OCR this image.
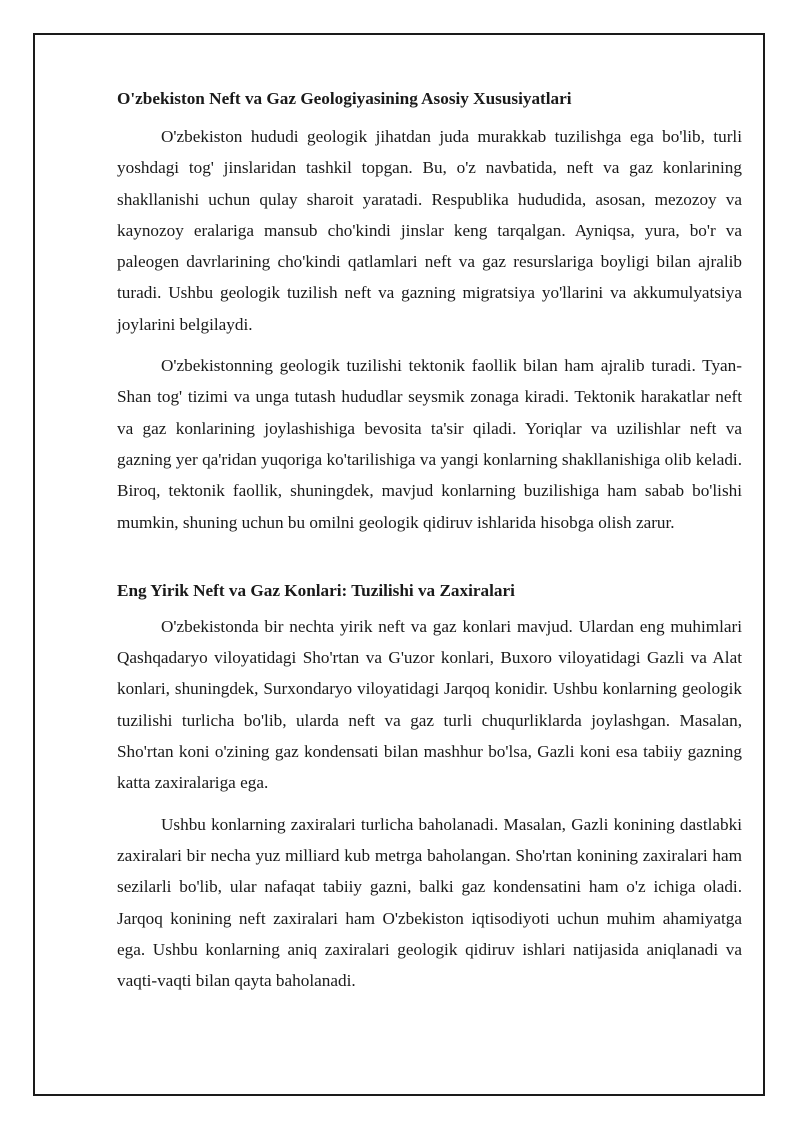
O'zbekiston Neft va Gaz Geologiyasining Asosiy Xususiyatlari

O'zbekiston hududi geologik jihatdan juda murakkab tuzilishga ega bo'lib, turli yoshdagi tog' jinslaridan tashkil topgan. Bu, o'z navbatida, neft va gaz konlarining shakllanishi uchun qulay sharoit yaratadi. Respublika hududida, asosan, mezozoy va kaynozoy eralariga mansub cho'kindi jinslar keng tarqalgan. Ayniqsa, yura, bo'r va paleogen davrlarining cho'kindi qatlamlari neft va gaz resurslariga boyligi bilan ajralib turadi. Ushbu geologik tuzilish neft va gazning migratsiya yo'llarini va akkumulyatsiya joylarini belgilaydi.

O'zbekistonning geologik tuzilishi tektonik faollik bilan ham ajralib turadi. Tyan-Shan tog' tizimi va unga tutash hududlar seysmik zonaga kiradi. Tektonik harakatlar neft va gaz konlarining joylashishiga bevosita ta'sir qiladi. Yoriqlar va uzilishlar neft va gazning yer qa'ridan yuqoriga ko'tarilishiga va yangi konlarning shakllanishiga olib keladi. Biroq, tektonik faollik, shuningdek, mavjud konlarning buzilishiga ham sabab bo'lishi mumkin, shuning uchun bu omilni geologik qidiruv ishlarida hisobga olish zarur.

Eng Yirik Neft va Gaz Konlari: Tuzilishi va Zaxiralari

O'zbekistonda bir nechta yirik neft va gaz konlari mavjud. Ulardan eng muhimlari Qashqadaryo viloyatidagi Sho'rtan va G'uzor konlari, Buxoro viloyatidagi Gazli va Alat konlari, shuningdek, Surxondaryo viloyatidagi Jarqoq konidir. Ushbu konlarning geologik tuzilishi turlicha bo'lib, ularda neft va gaz turli chuqurliklarda joylashgan. Masalan, Sho'rtan koni o'zining gaz kondensati bilan mashhur bo'lsa, Gazli koni esa tabiiy gazning katta zaxiralariga ega.

Ushbu konlarning zaxiralari turlicha baholanadi. Masalan, Gazli konining dastlabki zaxiralari bir necha yuz milliard kub metrga baholangan. Sho'rtan konining zaxiralari ham sezilarli bo'lib, ular nafaqat tabiiy gazni, balki gaz kondensatini ham o'z ichiga oladi. Jarqoq konining neft zaxiralari ham O'zbekiston iqtisodiyoti uchun muhim ahamiyatga ega. Ushbu konlarning aniq zaxiralari geologik qidiruv ishlari natijasida aniqlanadi va vaqti-vaqti bilan qayta baholanadi.
